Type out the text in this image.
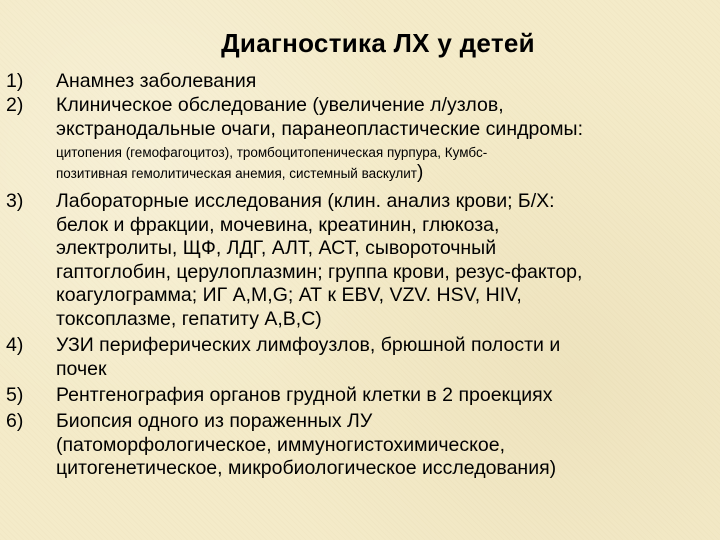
Диагностика ЛХ у детей
1)	Анамнез заболевания
2)	Клиническое обследование (увеличение л/узлов,
экстранодальные очаги, паранеопластические синдромы:
цитопения (гемофагоцитоз), тромбоцитопеническая пурпура, Кумбс-
позитивная гемолитическая анемия, системный васкулит)
3)	Лабораторные исследования (клин. анализ крови; Б/Х:
белок и фракции, мочевина, креатинин, глюкоза,
электролиты, ЩФ, ЛДГ, АЛТ, АСТ, сывороточный
гаптоглобин, церулоплазмин; группа крови, резус-фактор,
коагулограмма; ИГ A,M,G; АТ к EBV, VZV. HSV, HIV,
токсоплазме, гепатиту А,В,С)
4)	УЗИ периферических лимфоузлов, брюшной полости и
почек
5)	Рентгенография органов грудной клетки в 2 проекциях
6)	Биопсия одного из пораженных ЛУ
(патоморфологическое, иммуногистохимическое,
цитогенетическое, микробиологическое исследования)
